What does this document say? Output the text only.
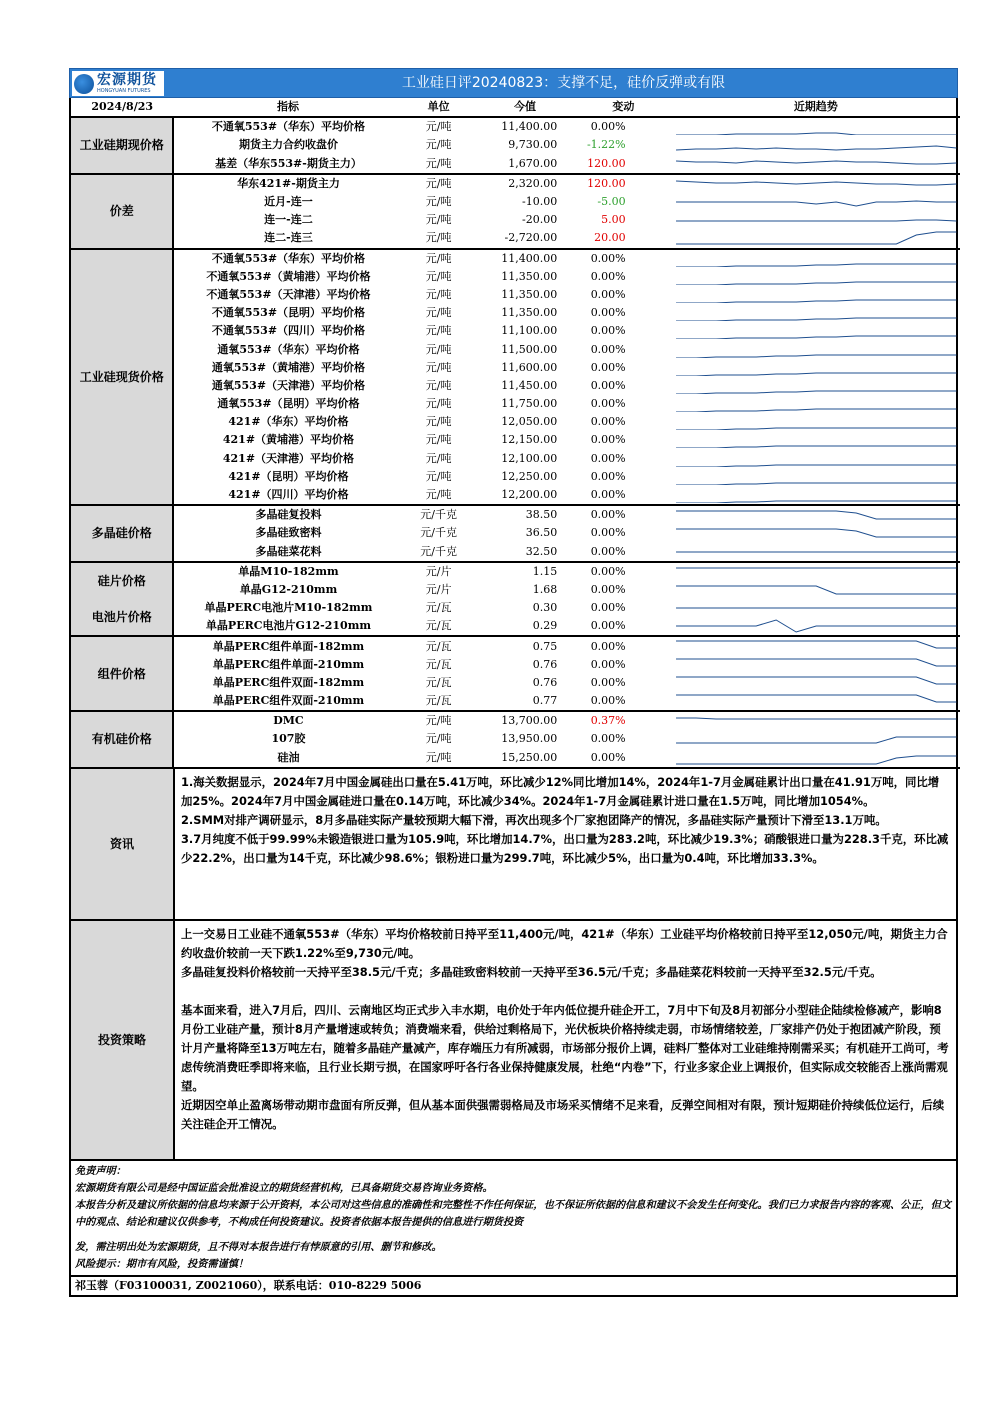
宏源期货
HONGYUAN FUTURES	工业硅日评20240823：支撑不足，硅价反弹或有限
2024/8/23	指标	单位	今值	变动	近期趋势
工业硅期现价格	不通氧553#（华东）平均价格	元/吨	11,400.00	0.00%	

	期货主力合约收盘价	元/吨	9,730.00	-1.22%	

	基差（华东553#-期货主力）	元/吨	1,670.00	120.00	

价差	华东421#-期货主力	元/吨	2,320.00	120.00	

	近月-连一	元/吨	-10.00	-5.00	

	连一-连二	元/吨	-20.00	5.00	

	连二-连三	元/吨	-2,720.00	20.00	

工业硅现货价格	不通氧553#（华东）平均价格	元/吨	11,400.00	0.00%	

	不通氧553#（黄埔港）平均价格	元/吨	11,350.00	0.00%	

	不通氧553#（天津港）平均价格	元/吨	11,350.00	0.00%	

	不通氧553#（昆明）平均价格	元/吨	11,350.00	0.00%	

	不通氧553#（四川）平均价格	元/吨	11,100.00	0.00%	

	通氧553#（华东）平均价格	元/吨	11,500.00	0.00%	

	通氧553#（黄埔港）平均价格	元/吨	11,600.00	0.00%	

	通氧553#（天津港）平均价格	元/吨	11,450.00	0.00%	

	通氧553#（昆明）平均价格	元/吨	11,750.00	0.00%	

	421#（华东）平均价格	元/吨	12,050.00	0.00%	

	421#（黄埔港）平均价格	元/吨	12,150.00	0.00%	

	421#（天津港）平均价格	元/吨	12,100.00	0.00%	

	421#（昆明）平均价格	元/吨	12,250.00	0.00%	

	421#（四川）平均价格	元/吨	12,200.00	0.00%	

多晶硅价格	多晶硅复投料	元/千克	38.50	0.00%	

	多晶硅致密料	元/千克	36.50	0.00%	

	多晶硅菜花料	元/千克	32.50	0.00%	

硅片价格	单晶M10-182mm	元/片	1.15	0.00%	

	单晶G12-210mm	元/片	1.68	0.00%	

电池片价格	单晶PERC电池片M10-182mm	元/瓦	0.30	0.00%	

	单晶PERC电池片G12-210mm	元/瓦	0.29	0.00%	

组件价格	单晶PERC组件单面-182mm	元/瓦	0.75	0.00%	

	单晶PERC组件单面-210mm	元/瓦	0.76	0.00%	

	单晶PERC组件双面-182mm	元/瓦	0.76	0.00%	

	单晶PERC组件双面-210mm	元/瓦	0.77	0.00%	

有机硅价格	DMC	元/吨	13,700.00	0.37%	

	107胶	元/吨	13,950.00	0.00%	

	硅油	元/吨	15,250.00	0.00%	
资讯

1.海关数据显示，2024年7月中国金属硅出口量在5.41万吨，环比减少12%同比增加14%，2024年1-7月金属硅累计出口量在41.91万吨，同比增加25%。2024年7月中国金属硅进口量在0.14万吨，环比减少34%。2024年1-7月金属硅累计进口量在1.5万吨，同比增加1054%。

2.SMM对排产调研显示，8月多晶硅实际产量较预期大幅下滑，再次出现多个厂家抱团降产的情况，多晶硅实际产量预计下滑至13.1万吨。

3.7月纯度不低于99.99%未锻造银进口量为105.9吨，环比增加14.7%，出口量为283.2吨，环比减少19.3%；硝酸银进口量为228.3千克，环比减少22.2%，出口量为14千克，环比减少98.6%；银粉进口量为299.7吨，环比减少5%，出口量为0.4吨，环比增加33.3%。

投资策略

上一交易日工业硅不通氧553#（华东）平均价格较前日持平至11,400元/吨，421#（华东）工业硅平均价格较前日持平至12,050元/吨，期货主力合约收盘价较前一天下跌1.22%至9,730元/吨。

多晶硅复投料价格较前一天持平至38.5元/千克；多晶硅致密料较前一天持平至36.5元/千克；多晶硅菜花料较前一天持平至32.5元/千克。

基本面来看，进入7月后，四川、云南地区均正式步入丰水期，电价处于年内低位提升硅企开工，7月中下旬及8月初部分小型硅企陆续检修减产，影响8月份工业硅产量，预计8月产量增速或转负；消费端来看，供给过剩格局下，光伏板块价格持续走弱，市场情绪较差，厂家排产仍处于抱团减产阶段，预计月产量将降至13万吨左右，随着多晶硅产量减产，库存端压力有所减弱，市场部分报价上调，硅料厂整体对工业硅维持刚需采买；有机硅开工尚可，考虑传统消费旺季即将来临，且行业长期亏损，在国家呼吁各行各业保持健康发展，杜绝“内卷”下，行业多家企业上调报价，但实际成交较能否上涨尚需观望。

近期因空单止盈离场带动期市盘面有所反弹，但从基本面供强需弱格局及市场采买情绪不足来看，反弹空间相对有限，预计短期硅价持续低位运行，后续关注硅企开工情况。

免责声明：

宏源期货有限公司是经中国证监会批准设立的期货经营机构，已具备期货交易咨询业务资格。

本报告分析及建议所依据的信息均来源于公开资料，本公司对这些信息的准确性和完整性不作任何保证，也不保证所依据的信息和建议不会发生任何变化。我们已力求报告内容的客观、公正，但文中的观点、结论和建议仅供参考，不构成任何投资建议。投资者依据本报告提供的信息进行期货投资

发，需注明出处为宏源期货，且不得对本报告进行有悖原意的引用、删节和修改。

风险提示：期市有风险，投资需谨慎！

祁玉蓉（F03100031, Z0021060），联系电话：010-8229 5006
